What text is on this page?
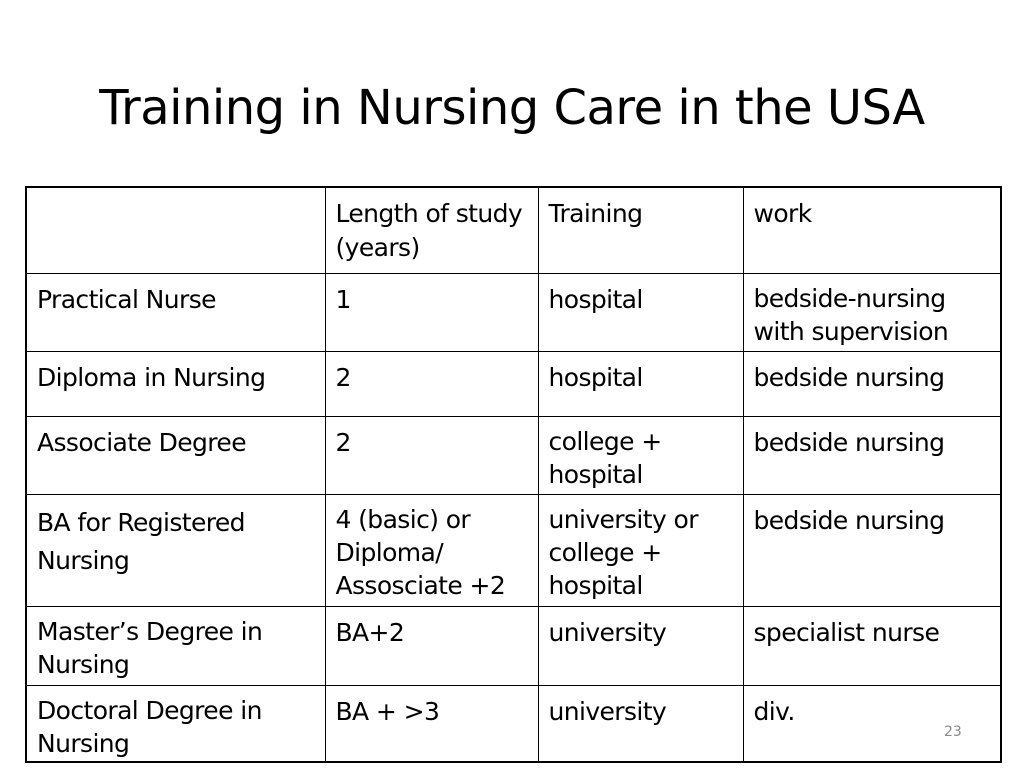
Training in Nursing Care in the USA
	Length of study (years)	Training	work
Practical Nurse	1	hospital	bedside-nursing with supervision
Diploma in Nursing	2	hospital	bedside nursing
Associate Degree	2	college + hospital	bedside nursing
BA for Registered Nursing	4 (basic) or Diploma/ Assosciate +2	university or college + hospital	bedside nursing
Master’s Degree in Nursing	BA+2	university	specialist nurse
Doctoral Degree in Nursing	BA + >3	university	div.
23
